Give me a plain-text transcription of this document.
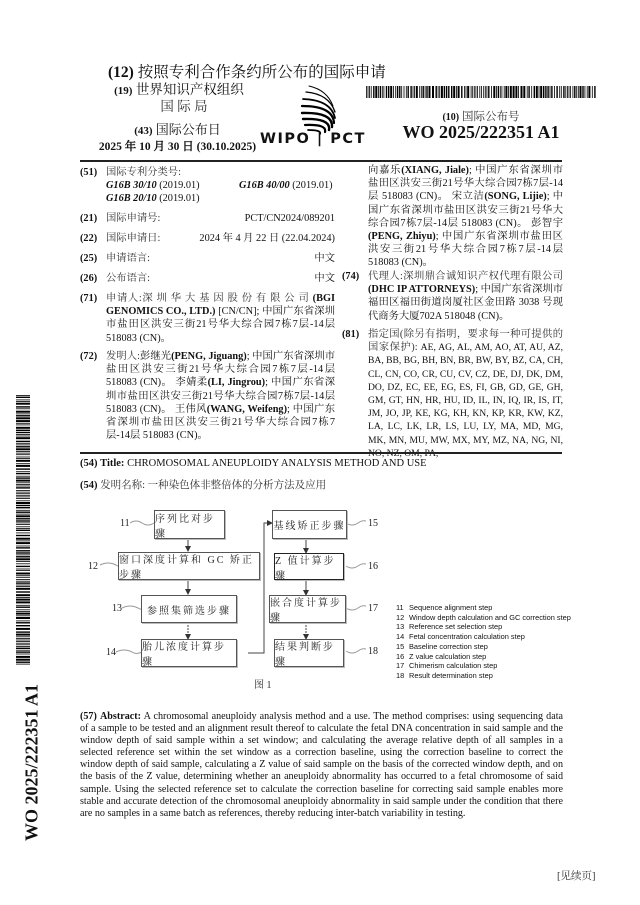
(12) 按照专利合作条约所公布的国际申请
(19) 世界知识产权组织
国 际 局
(43) 国际公布日
2025 年 10 月 30 日 (30.10.2025) WIPO | PCT
(10) 国际公布号
WO 2025/222351 A1
(51) 国际专利分类号:
G16B 30/10 (2019.01)	G16B 40/00 (2019.01)
G16B 20/10 (2019.01)
(21) 国际申请号:	PCT/CN2024/089201
(22) 国际申请日:	2024 年 4 月 22 日 (22.04.2024)
(25) 申请语言:	中文
(26) 公布语言:	中文
(71) 申请人:深 圳 华 大 基 因 股 份 有 限 公 司 (BGI GENOMICS CO., LTD.) [CN/CN]; 中国广东省深圳市盐田区洪安三街21号华大综合园7栋7层-14层 518083 (CN)。
(72) 发明人:彭继光(PENG, Jiguang); 中国广东省深圳市盐田区洪安三街21号华大综合园7栋7层-14层 518083 (CN)。 李婧柔(LI, Jingrou); 中国广东省深圳市盐田区洪安三街21号华大综合园7栋7层-14层 518083 (CN)。 王伟风(WANG, Weifeng); 中国广东省深圳市盐田区洪安三街21号华大综合园7栋7层-14层 518083 (CN)。
向嘉乐(XIANG, Jiale); 中国广东省深圳市盐田区洪安三街21号华大综合园7栋7层-14层 518083 (CN)。 宋立洁(SONG, Lijie); 中国广东省深圳市盐田区洪安三街21号华大综合园7栋7层-14层 518083 (CN)。 彭智宇(PENG, Zhiyu); 中国广东省深圳市盐田区洪安三街21号华大综合园7栋7层-14层 518083 (CN)。
(74) 代理人:深圳鼎合诚知识产权代理有限公司 (DHC IP ATTORNEYS); 中国广东省深圳市福田区福田街道岗厦社区金田路 3038 号现代商务大厦702A 518048 (CN)。
(81) 指定国(除另有指明，要求每一种可提供的国家保护): AE, AG, AL, AM, AO, AT, AU, AZ, BA, BB, BG, BH, BN, BR, BW, BY, BZ, CA, CH, CL, CN, CO, CR, CU, CV, CZ, DE, DJ, DK, DM, DO, DZ, EC, EE, EG, ES, FI, GB, GD, GE, GH, GM, GT, HN, HR, HU, ID, IL, IN, IQ, IR, IS, IT, JM, JO, JP, KE, KG, KH, KN, KP, KR, KW, KZ, LA, LC, LK, LR, LS, LU, LY, MA, MD, MG, MK, MN, MU, MW, MX, MY, MZ, NA, NG, NI,
WO 2025/222351 A1
(54) Title: CHROMOSOMAL ANEUPLOIDY ANALYSIS METHOD AND USE
(54) 发明名称: 一种染色体非整倍体的分析方法及应用
序列比对步骤
窗口深度计算和 GC 矫正步骤
参照集筛选步骤
胎儿浓度计算步骤
基线矫正步骤
Z 值计算步骤
嵌合度计算步骤
结果判断步骤
11
12
13
14
15
16
17
18
11 Sequence alignment step
12 Window depth calculation and GC correction step
13 Reference set selection step
14 Fetal concentration calculation step
15 Baseline correction step
16 Z value calculation step
17 Chimerism calculation step
18 Result determination step
图 1
(57) Abstract: A chromosomal aneuploidy analysis method and a use. The method comprises: using sequencing data of a sample to be tested and an alignment result thereof to calculate the fetal DNA concentration in said sample and the window depth of said sample within a set window; and calculating the average relative depth of all samples in a selected reference set within the set window as a correction baseline, using the correction baseline to correct the window depth of said sample, calculating a Z value of said sample on the basis of the corrected window depth, and on the basis of the Z value, determining whether an aneuploidy abnormality has occurred to a fetal chromosome of said sample. Using the selected reference set to calculate the correction baseline for correcting said sample enables more stable and accurate detection of the chromosomal aneuploidy abnormality in said sample under the condition that there are no samples in a same batch as references, thereby reducing inter-batch variability in testing.
[见续页]
